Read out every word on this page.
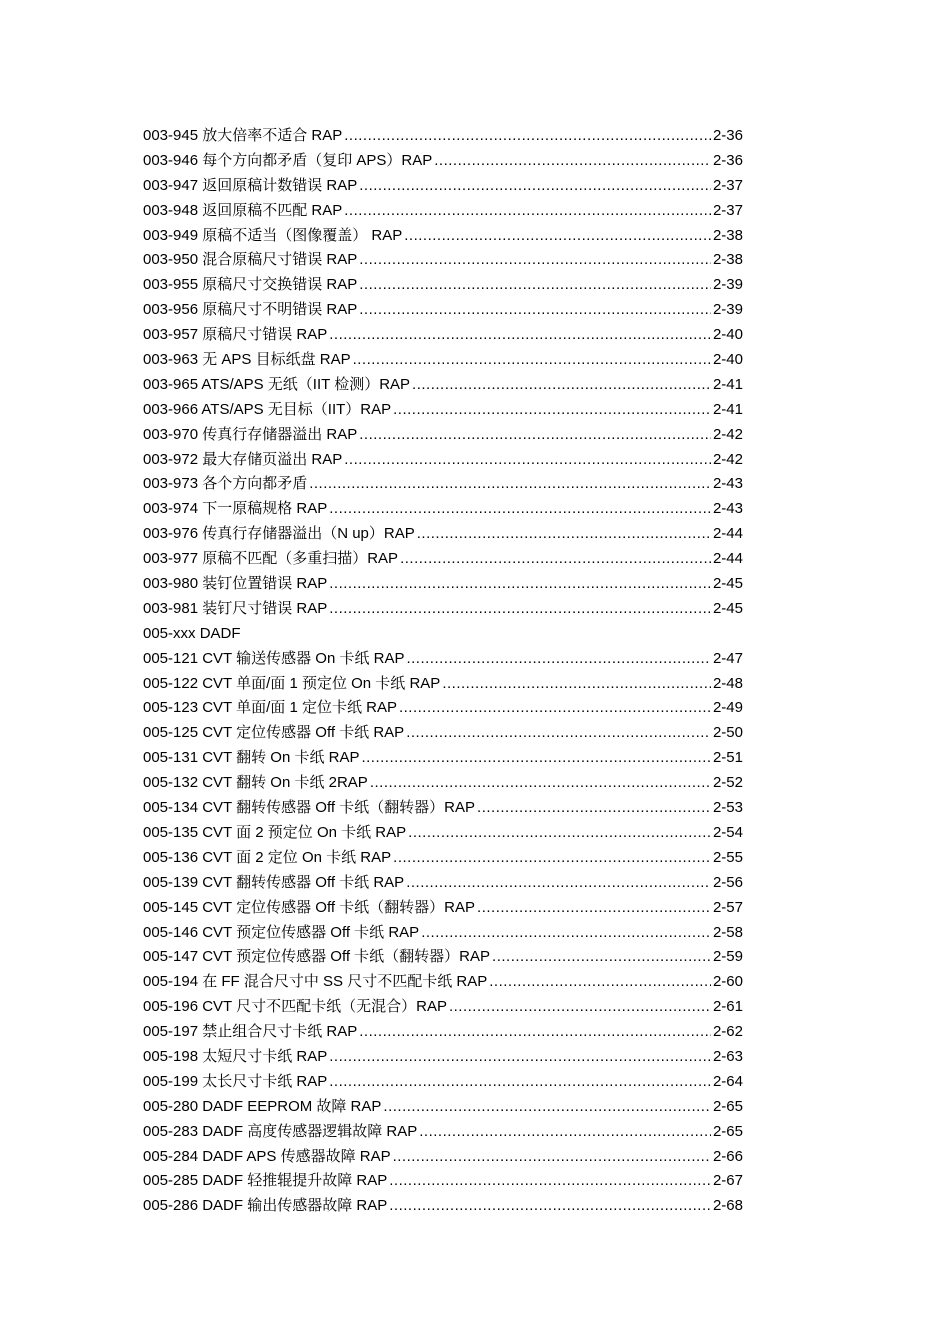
003-945 放大倍率不适合 RAP .....	2-36
003-946 每个方向都矛盾（复印 APS）RAP .....	2-36
003-947 返回原稿计数错误 RAP .....	2-37
003-948 返回原稿不匹配 RAP .....	2-37
003-949 原稿不适当（图像覆盖） RAP .....	2-38
003-950 混合原稿尺寸错误 RAP .....	2-38
003-955 原稿尺寸交换错误 RAP .....	2-39
003-956 原稿尺寸不明错误 RAP .....	2-39
003-957 原稿尺寸错误 RAP .....	2-40
003-963 无 APS 目标纸盘 RAP .....	2-40
003-965 ATS/APS 无纸（IIT 检测）RAP .....	2-41
003-966 ATS/APS 无目标（IIT）RAP .....	2-41
003-970 传真行存储器溢出 RAP .....	2-42
003-972 最大存储页溢出 RAP .....	2-42
003-973 各个方向都矛盾 .....	2-43
003-974 下一原稿规格 RAP .....	2-43
003-976 传真行存储器溢出（N up）RAP .....	2-44
003-977 原稿不匹配（多重扫描）RAP .....	2-44
003-980 装钉位置错误 RAP .....	2-45
003-981 装钉尺寸错误 RAP .....	2-45
005-xxx DADF
005-121 CVT 输送传感器 On 卡纸 RAP .....	2-47
005-122 CVT 单面/面 1 预定位 On 卡纸 RAP .....	2-48
005-123 CVT 单面/面 1 定位卡纸 RAP .....	2-49
005-125 CVT 定位传感器 Off 卡纸 RAP .....	2-50
005-131 CVT 翻转 On 卡纸 RAP .....	2-51
005-132 CVT 翻转 On 卡纸 2RAP .....	2-52
005-134 CVT 翻转传感器 Off 卡纸（翻转器）RAP .....	2-53
005-135 CVT 面 2 预定位 On 卡纸 RAP .....	2-54
005-136 CVT 面 2 定位 On 卡纸 RAP .....	2-55
005-139 CVT 翻转传感器 Off 卡纸 RAP .....	2-56
005-145 CVT 定位传感器 Off 卡纸（翻转器）RAP .....	2-57
005-146 CVT 预定位传感器 Off 卡纸 RAP .....	2-58
005-147 CVT 预定位传感器 Off 卡纸（翻转器）RAP .....	2-59
005-194 在 FF 混合尺寸中 SS 尺寸不匹配卡纸 RAP .....	2-60
005-196 CVT 尺寸不匹配卡纸（无混合）RAP .....	2-61
005-197 禁止组合尺寸卡纸 RAP .....	2-62
005-198 太短尺寸卡纸 RAP .....	2-63
005-199 太长尺寸卡纸 RAP .....	2-64
005-280 DADF EEPROM 故障 RAP .....	2-65
005-283 DADF 高度传感器逻辑故障 RAP .....	2-65
005-284 DADF APS 传感器故障 RAP .....	2-66
005-285 DADF 轻推辊提升故障 RAP .....	2-67
005-286 DADF 输出传感器故障 RAP .....	2-68
